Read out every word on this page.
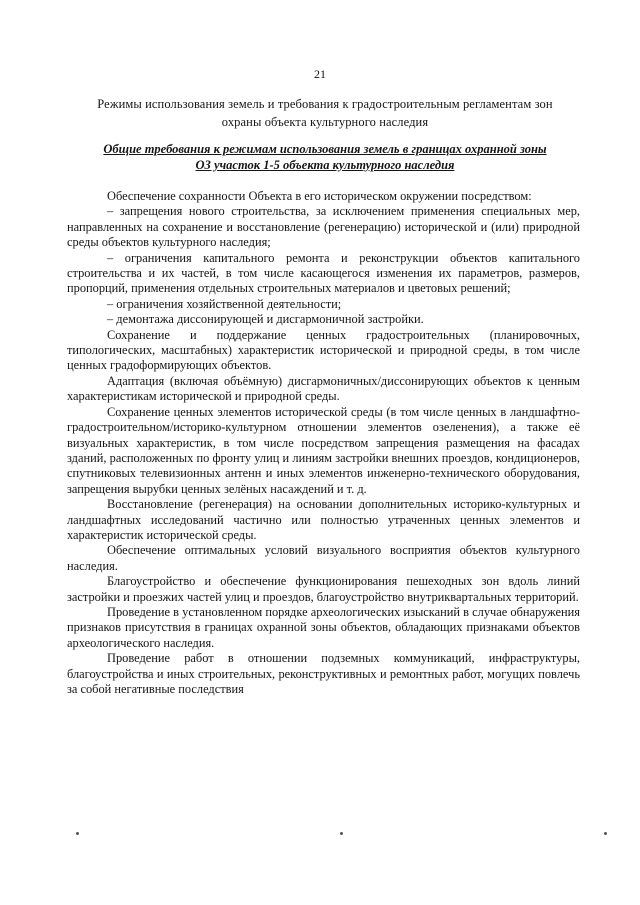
21
Режимы использования земель и требования к градостроительным регламентам зон охраны объекта культурного наследия
Общие требования к режимам использования земель в границах охранной зоны ОЗ участок 1-5 объекта культурного наследия

Обеспечение сохранности Объекта в его историческом окружении посредством:

– запрещения нового строительства, за исключением применения специальных мер, направленных на сохранение и восстановление (регенерацию) исторической и (или) природной среды объектов культурного наследия;

– ограничения капитального ремонта и реконструкции объектов капитального строительства и их частей, в том числе касающегося изменения их параметров, размеров, пропорций, применения отдельных строительных материалов и цветовых решений;

– ограничения хозяйственной деятельности;

– демонтажа диссонирующей и дисгармоничной застройки.

Сохранение и поддержание ценных градостроительных (планировочных, типологических, масштабных) характеристик исторической и природной среды, в том числе ценных градоформирующих объектов.

Адаптация (включая объёмную) дисгармоничных/диссонирующих объектов к ценным характеристикам исторической и природной среды.

Сохранение ценных элементов исторической среды (в том числе ценных в ландшафтно-градостроительном/историко-культурном отношении элементов озеленения), а также её визуальных характеристик, в том числе посредством запрещения размещения на фасадах зданий, расположенных по фронту улиц и линиям застройки внешних проездов, кондиционеров, спутниковых телевизионных антенн и иных элементов инженерно-технического оборудования, запрещения вырубки ценных зелёных насаждений и т. д.

Восстановление (регенерация) на основании дополнительных историко-культурных и ландшафтных исследований частично или полностью утраченных ценных элементов и характеристик исторической среды.

Обеспечение оптимальных условий визуального восприятия объектов культурного наследия.

Благоустройство и обеспечение функционирования пешеходных зон вдоль линий застройки и проезжих частей улиц и проездов, благоустройство внутриквартальных территорий.

Проведение в установленном порядке археологических изысканий в случае обнаружения признаков присутствия в границах охранной зоны объектов, обладающих признаками объектов археологического наследия.

Проведение работ в отношении подземных коммуникаций, инфраструктуры, благоустройства и иных строительных, реконструктивных и ремонтных работ, могущих повлечь за собой негативные последствия
